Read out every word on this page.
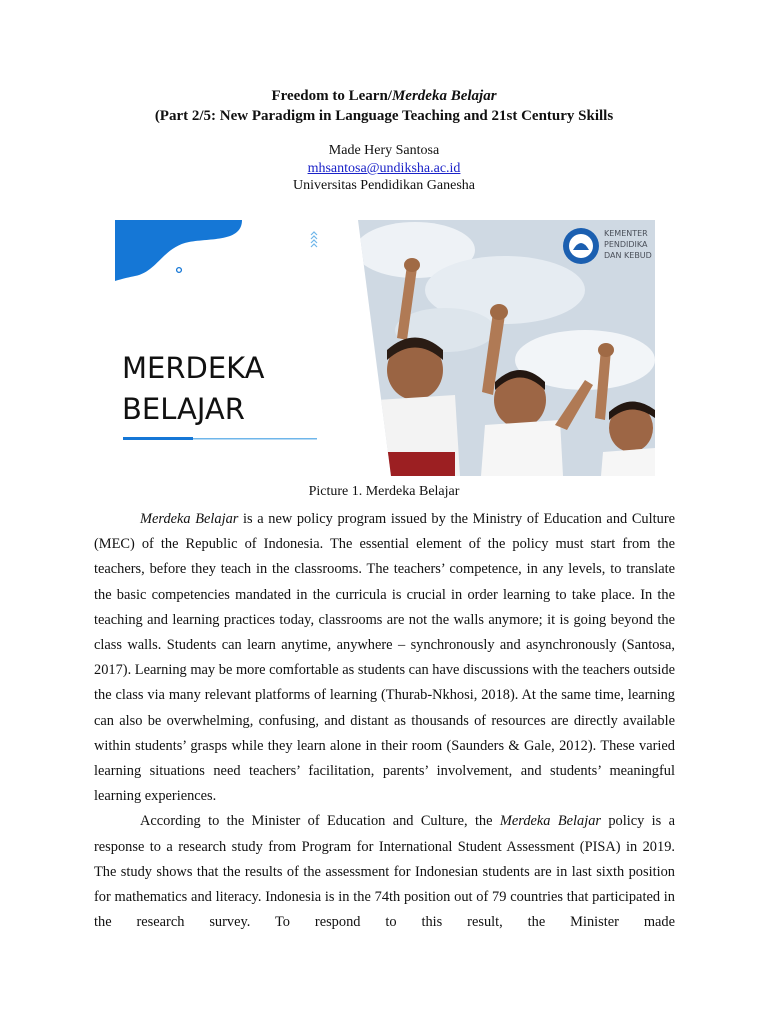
Freedom to Learn/Merdeka Belajar
(Part 2/5: New Paradigm in Language Teaching and 21st Century Skills
Made Hery Santosa
mhsantosa@undiksha.ac.id
Universitas Pendidikan Ganesha
MERDEKA
BELAJAR
KEMENTER
PENDIDIKA
DAN KEBUD
Picture 1. Merdeka Belajar

Merdeka Belajar is a new policy program issued by the Ministry of Education and Culture (MEC) of the Republic of Indonesia. The essential element of the policy must start from the teachers, before they teach in the classrooms. The teachers’ competence, in any levels, to translate the basic competencies mandated in the curricula is crucial in order learning to take place. In the teaching and learning practices today, classrooms are not the walls anymore; it is going beyond the class walls. Students can learn anytime, anywhere – synchronously and asynchronously (Santosa, 2017). Learning may be more comfortable as students can have discussions with the teachers outside the class via many relevant platforms of learning (Thurab-Nkhosi, 2018). At the same time, learning can also be overwhelming, confusing, and distant as thousands of resources are directly available within students’ grasps while they learn alone in their room (Saunders & Gale, 2012). These varied learning situations need teachers’ facilitation, parents’ involvement, and students’ meaningful learning experiences.

According to the Minister of Education and Culture, the Merdeka Belajar policy is a response to a research study from Program for International Student Assessment (PISA) in 2019. The study shows that the results of the assessment for Indonesian students are in last sixth position for mathematics and literacy. Indonesia is in the 74th position out of 79 countries that participated in the research survey. To respond to this result, the Minister made
